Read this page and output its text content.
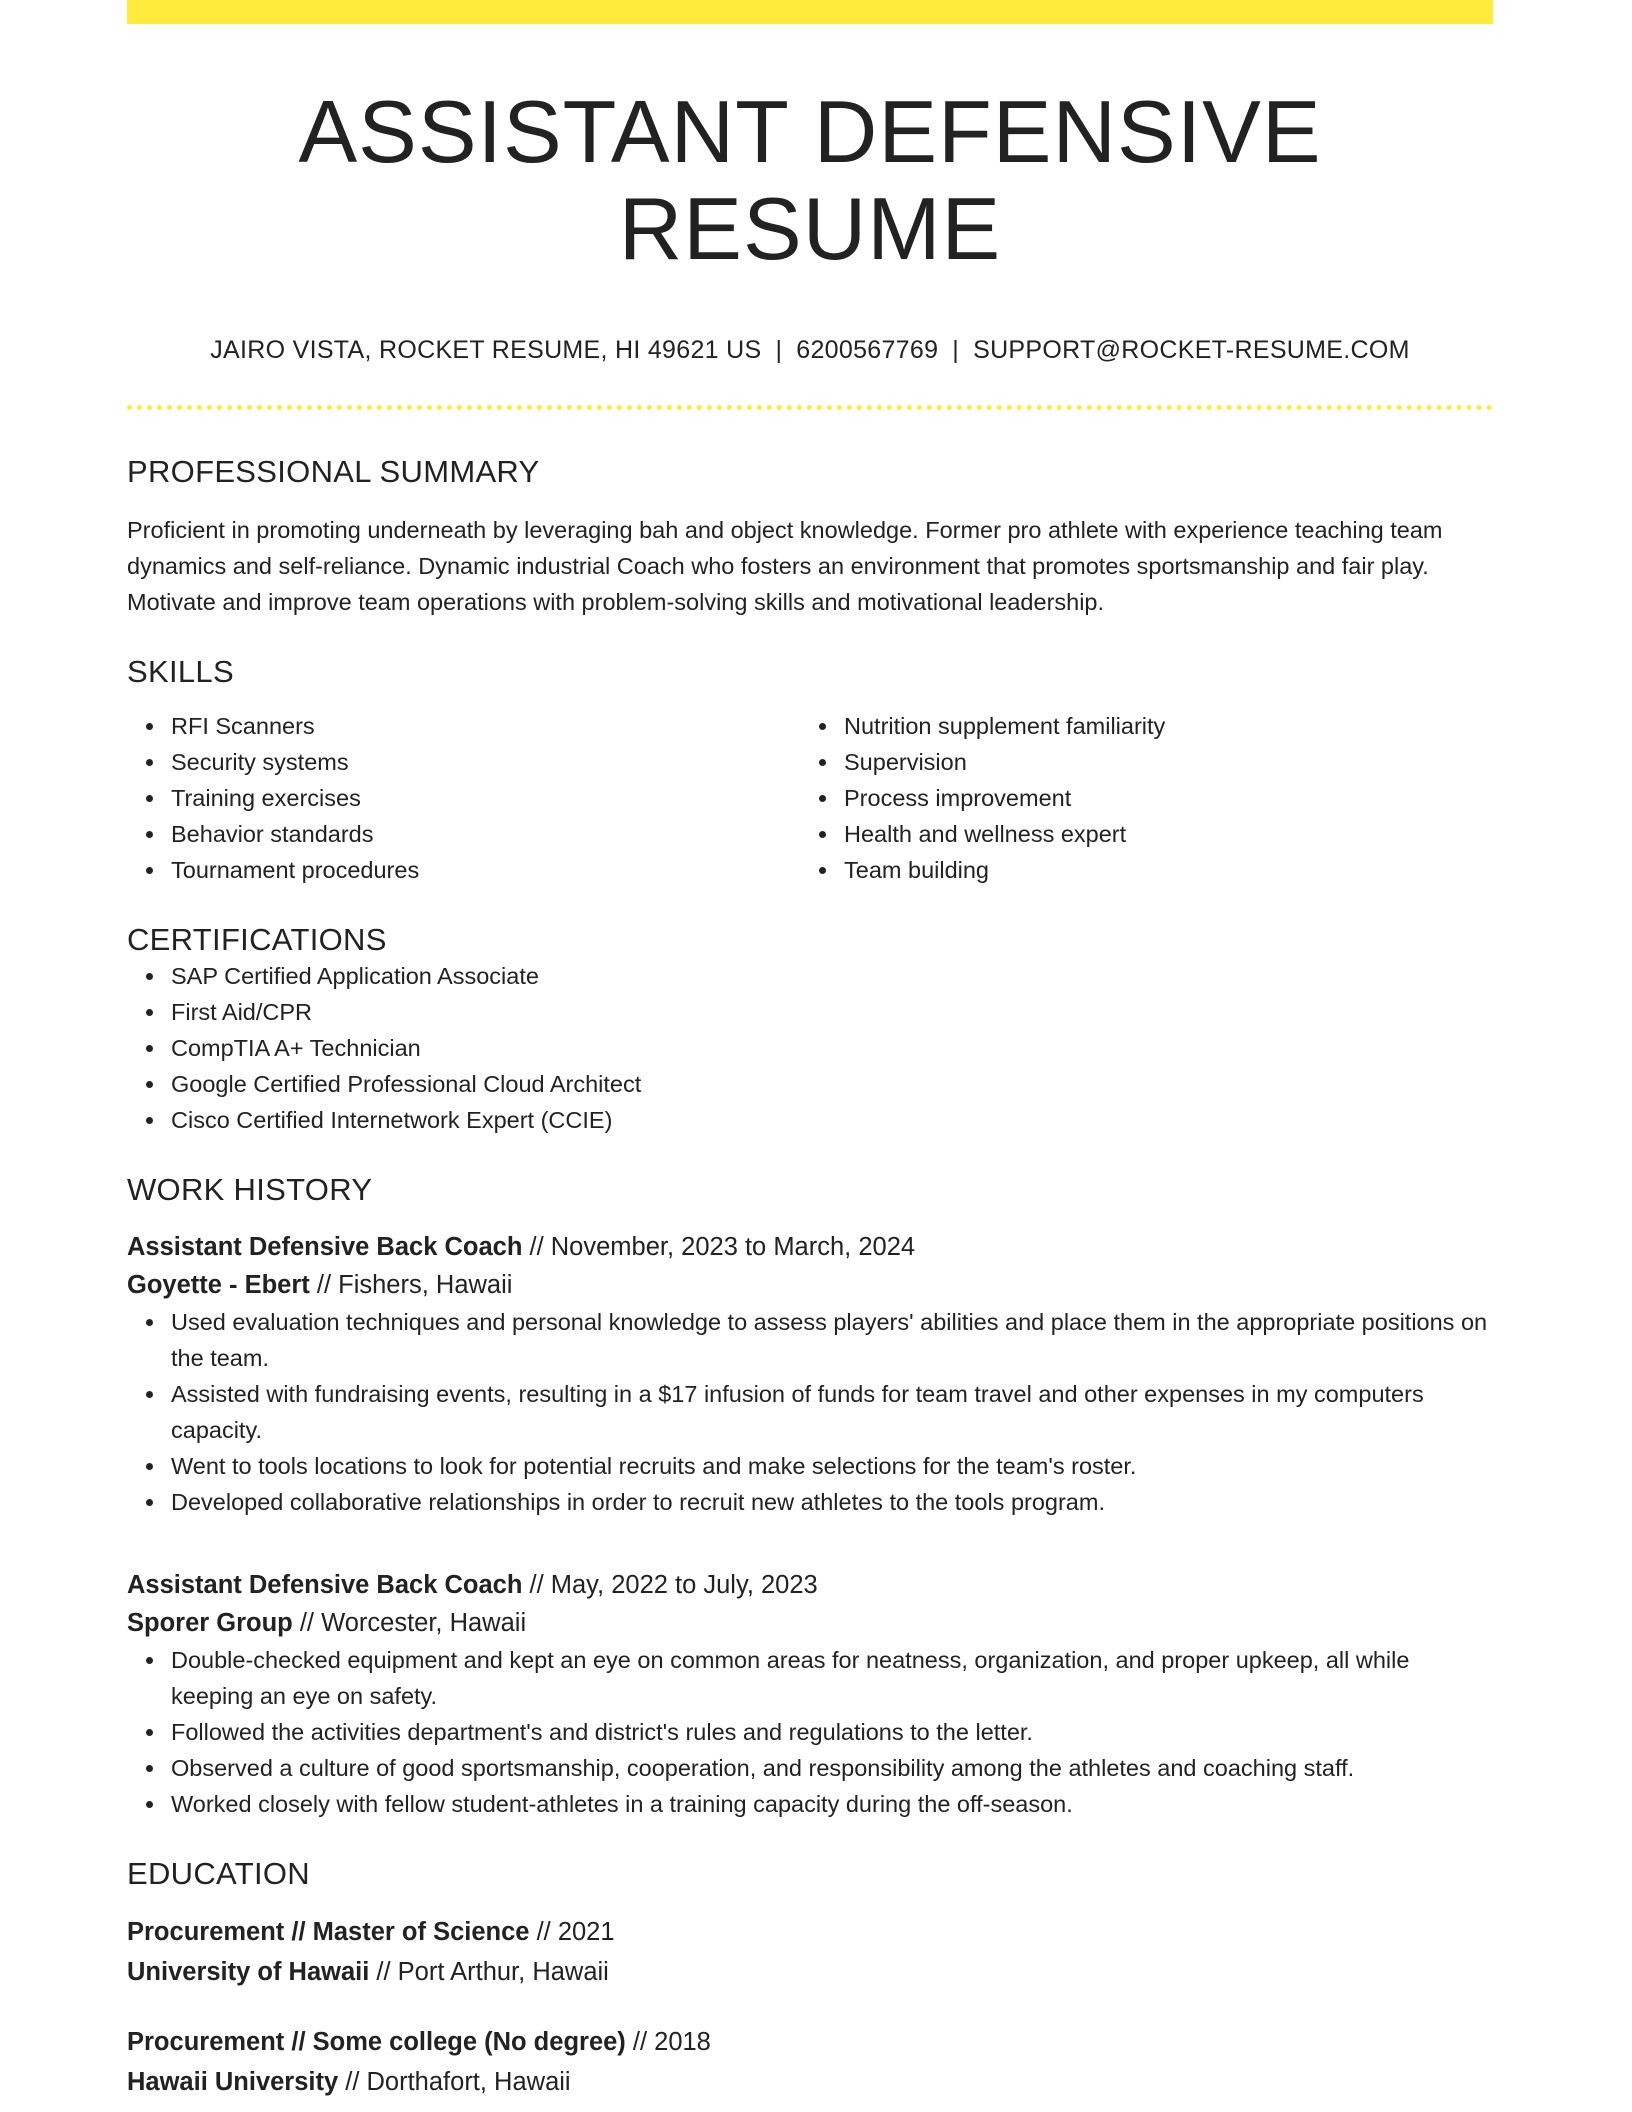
ASSISTANT DEFENSIVE RESUME
JAIRO VISTA, ROCKET RESUME, HI 49621 US | 6200567769 | SUPPORT@ROCKET-RESUME.COM
PROFESSIONAL SUMMARY
Proficient in promoting underneath by leveraging bah and object knowledge. Former pro athlete with experience teaching team dynamics and self-reliance. Dynamic industrial Coach who fosters an environment that promotes sportsmanship and fair play. Motivate and improve team operations with problem-solving skills and motivational leadership.
SKILLS
RFI Scanners
Security systems
Training exercises
Behavior standards
Tournament procedures
Nutrition supplement familiarity
Supervision
Process improvement
Health and wellness expert
Team building
CERTIFICATIONS
SAP Certified Application Associate
First Aid/CPR
CompTIA A+ Technician
Google Certified Professional Cloud Architect
Cisco Certified Internetwork Expert (CCIE)
WORK HISTORY
Assistant Defensive Back Coach // November, 2023 to March, 2024
Goyette - Ebert // Fishers, Hawaii
Used evaluation techniques and personal knowledge to assess players' abilities and place them in the appropriate positions on the team.
Assisted with fundraising events, resulting in a $17 infusion of funds for team travel and other expenses in my computers capacity.
Went to tools locations to look for potential recruits and make selections for the team's roster.
Developed collaborative relationships in order to recruit new athletes to the tools program.
Assistant Defensive Back Coach // May, 2022 to July, 2023
Sporer Group // Worcester, Hawaii
Double-checked equipment and kept an eye on common areas for neatness, organization, and proper upkeep, all while keeping an eye on safety.
Followed the activities department's and district's rules and regulations to the letter.
Observed a culture of good sportsmanship, cooperation, and responsibility among the athletes and coaching staff.
Worked closely with fellow student-athletes in a training capacity during the off-season.
EDUCATION
Procurement // Master of Science // 2021
University of Hawaii // Port Arthur, Hawaii
Procurement // Some college (No degree) // 2018
Hawaii University // Dorthafort, Hawaii
